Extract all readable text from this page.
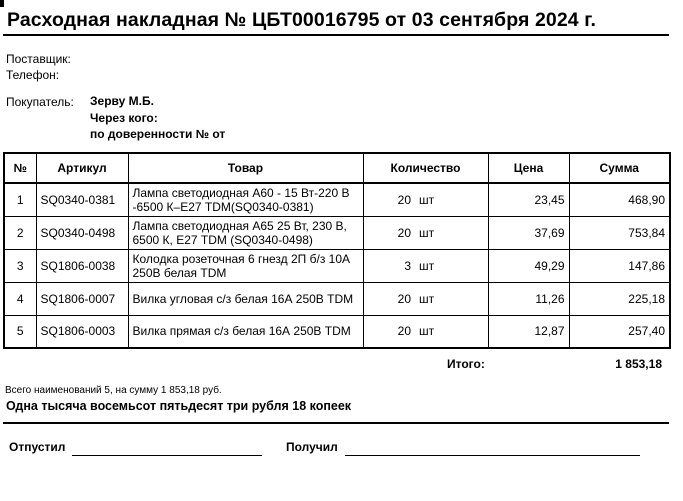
Расходная накладная № ЦБТ00016795 от 03 сентября 2024 г.
Поставщик:
Телефон:
Покупатель: Зерву М.Б.
Через кого:
по доверенности № от
№	Артикул	Товар	Количество		Цена	Сумма
1	SQ0340-0381	Лампа светодиодная А60 - 15 Вт-220 В -6500 К–Е27 TDM(SQ0340-0381)	20	шт	23,45	468,90
2	SQ0340-0498	Лампа светодиодная А65 25 Вт, 230 В, 6500 К, Е27 TDM (SQ0340-0498)	20	шт	37,69	753,84
3	SQ1806-0038	Колодка розеточная 6 гнезд 2П б/з 10А 250В белая TDM	3	шт	49,29	147,86
4	SQ1806-0007	Вилка угловая с/з белая 16А 250В TDM	20	шт	11,26	225,18
5	SQ1806-0003	Вилка прямая с/з белая 16А 250В TDM	20	шт	12,87	257,40
Итого:	1 853,18
Всего наименований 5, на сумму 1 853,18 руб.
Одна тысяча восемьсот пятьдесят три рубля 18 копеек
Отпустил	Получил
